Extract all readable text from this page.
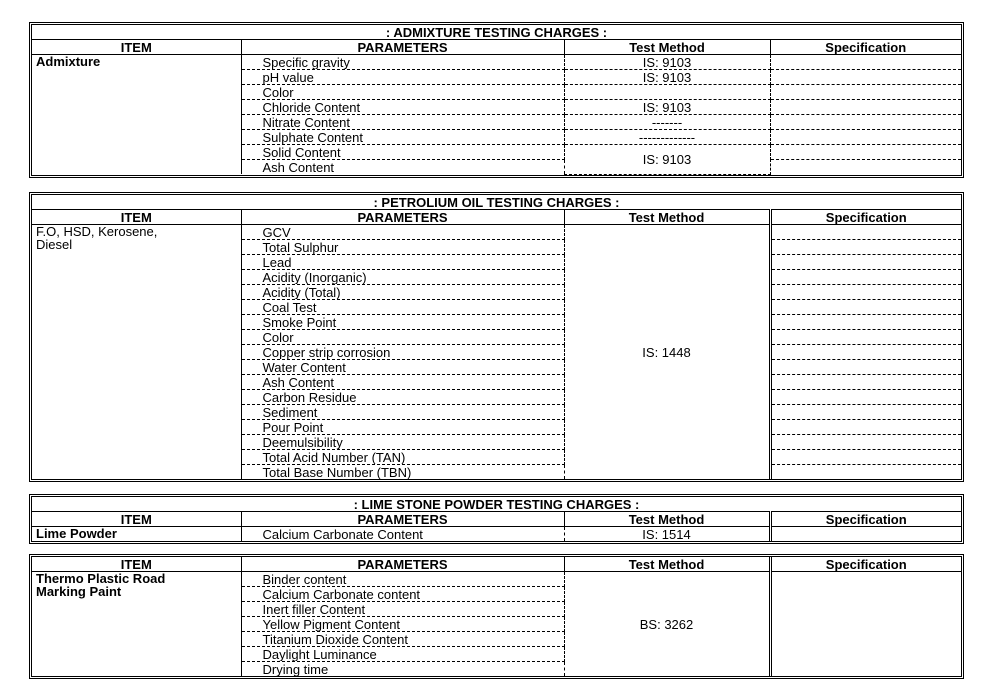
: ADMIXTURE TESTING CHARGES :			
ITEM	PARAMETERS	Test Method	Specification
Admixture	Specific gravity	IS: 9103	
	pH value	IS: 9103	
	Color		
	Chloride Content	IS: 9103	
	Nitrate Content	-------	
	Sulphate Content	-------------	
	Solid Content	IS: 9103	
	Ash Content		
: PETROLIUM OIL TESTING CHARGES :			
ITEM	PARAMETERS	Test Method	Specification

F.O, HSD, Kerosene,
Diesel	GCV	IS: 1448	
	Total Sulphur		
	Lead		
	Acidity (Inorganic)		
	Acidity (Total)		
	Coal Test		
	Smoke Point		
	Color		
	Copper strip corrosion		
	Water Content		
	Ash Content		
	Carbon Residue		
	Sediment		
	Pour Point		
	Deemulsibility		
	Total Acid Number (TAN)		
	Total Base Number (TBN)		
: LIME STONE POWDER TESTING CHARGES :			
ITEM	PARAMETERS	Test Method	Specification
Lime Powder	Calcium Carbonate Content	IS: 1514	
ITEM	PARAMETERS	Test Method	Specification

Thermo Plastic Road
Marking Paint	Binder content	BS: 3262	
	Calcium Carbonate content		
	Inert filler Content		
	Yellow Pigment Content		
	Titanium Dioxide Content		
	Daylight Luminance		
	Drying time		
